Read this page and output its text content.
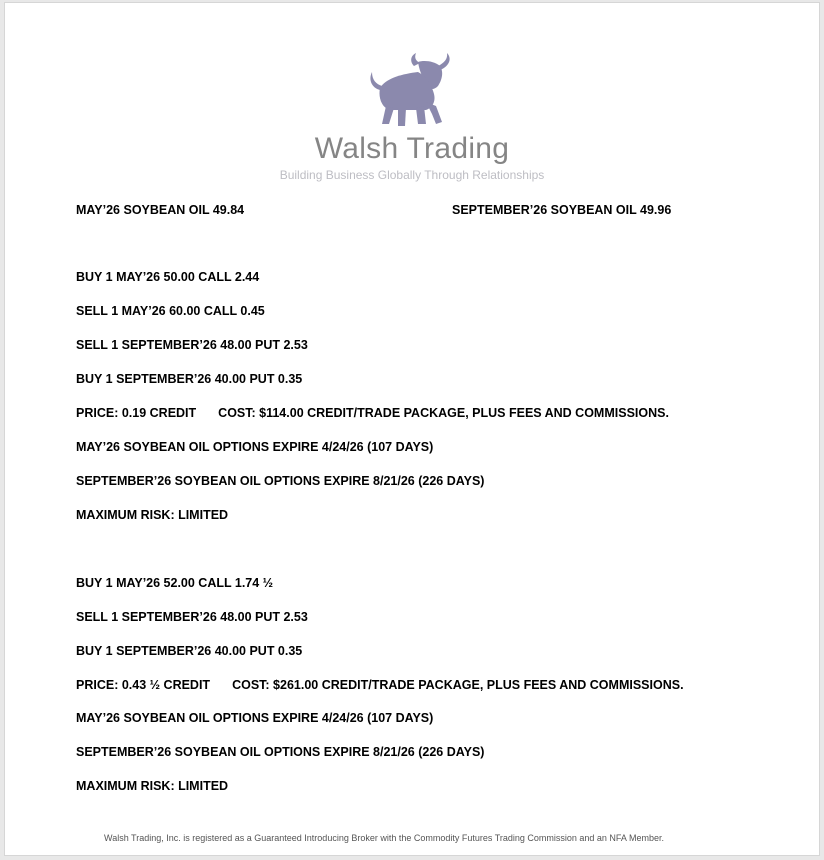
Walsh Trading
Building Business Globally Through Relationships
MAY’26 SOYBEAN OIL 49.84	SEPTEMBER’26 SOYBEAN OIL 49.96
BUY 1 MAY’26 50.00 CALL 2.44
SELL 1 MAY’26 60.00 CALL 0.45
SELL 1 SEPTEMBER’26 48.00 PUT 2.53
BUY 1 SEPTEMBER’26 40.00 PUT 0.35
PRICE: 0.19 CREDIT COST: $114.00 CREDIT/TRADE PACKAGE, PLUS FEES AND COMMISSIONS.
MAY’26 SOYBEAN OIL OPTIONS EXPIRE 4/24/26 (107 DAYS)
SEPTEMBER’26 SOYBEAN OIL OPTIONS EXPIRE 8/21/26 (226 DAYS)
MAXIMUM RISK: LIMITED
BUY 1 MAY’26 52.00 CALL 1.74 ½
SELL 1 SEPTEMBER’26 48.00 PUT 2.53
BUY 1 SEPTEMBER’26 40.00 PUT 0.35
PRICE: 0.43 ½ CREDIT COST: $261.00 CREDIT/TRADE PACKAGE, PLUS FEES AND COMMISSIONS.
MAY’26 SOYBEAN OIL OPTIONS EXPIRE 4/24/26 (107 DAYS)
SEPTEMBER’26 SOYBEAN OIL OPTIONS EXPIRE 8/21/26 (226 DAYS)
MAXIMUM RISK: LIMITED
Walsh Trading, Inc. is registered as a Guaranteed Introducing Broker with the Commodity Futures Trading Commission and an NFA Member.
